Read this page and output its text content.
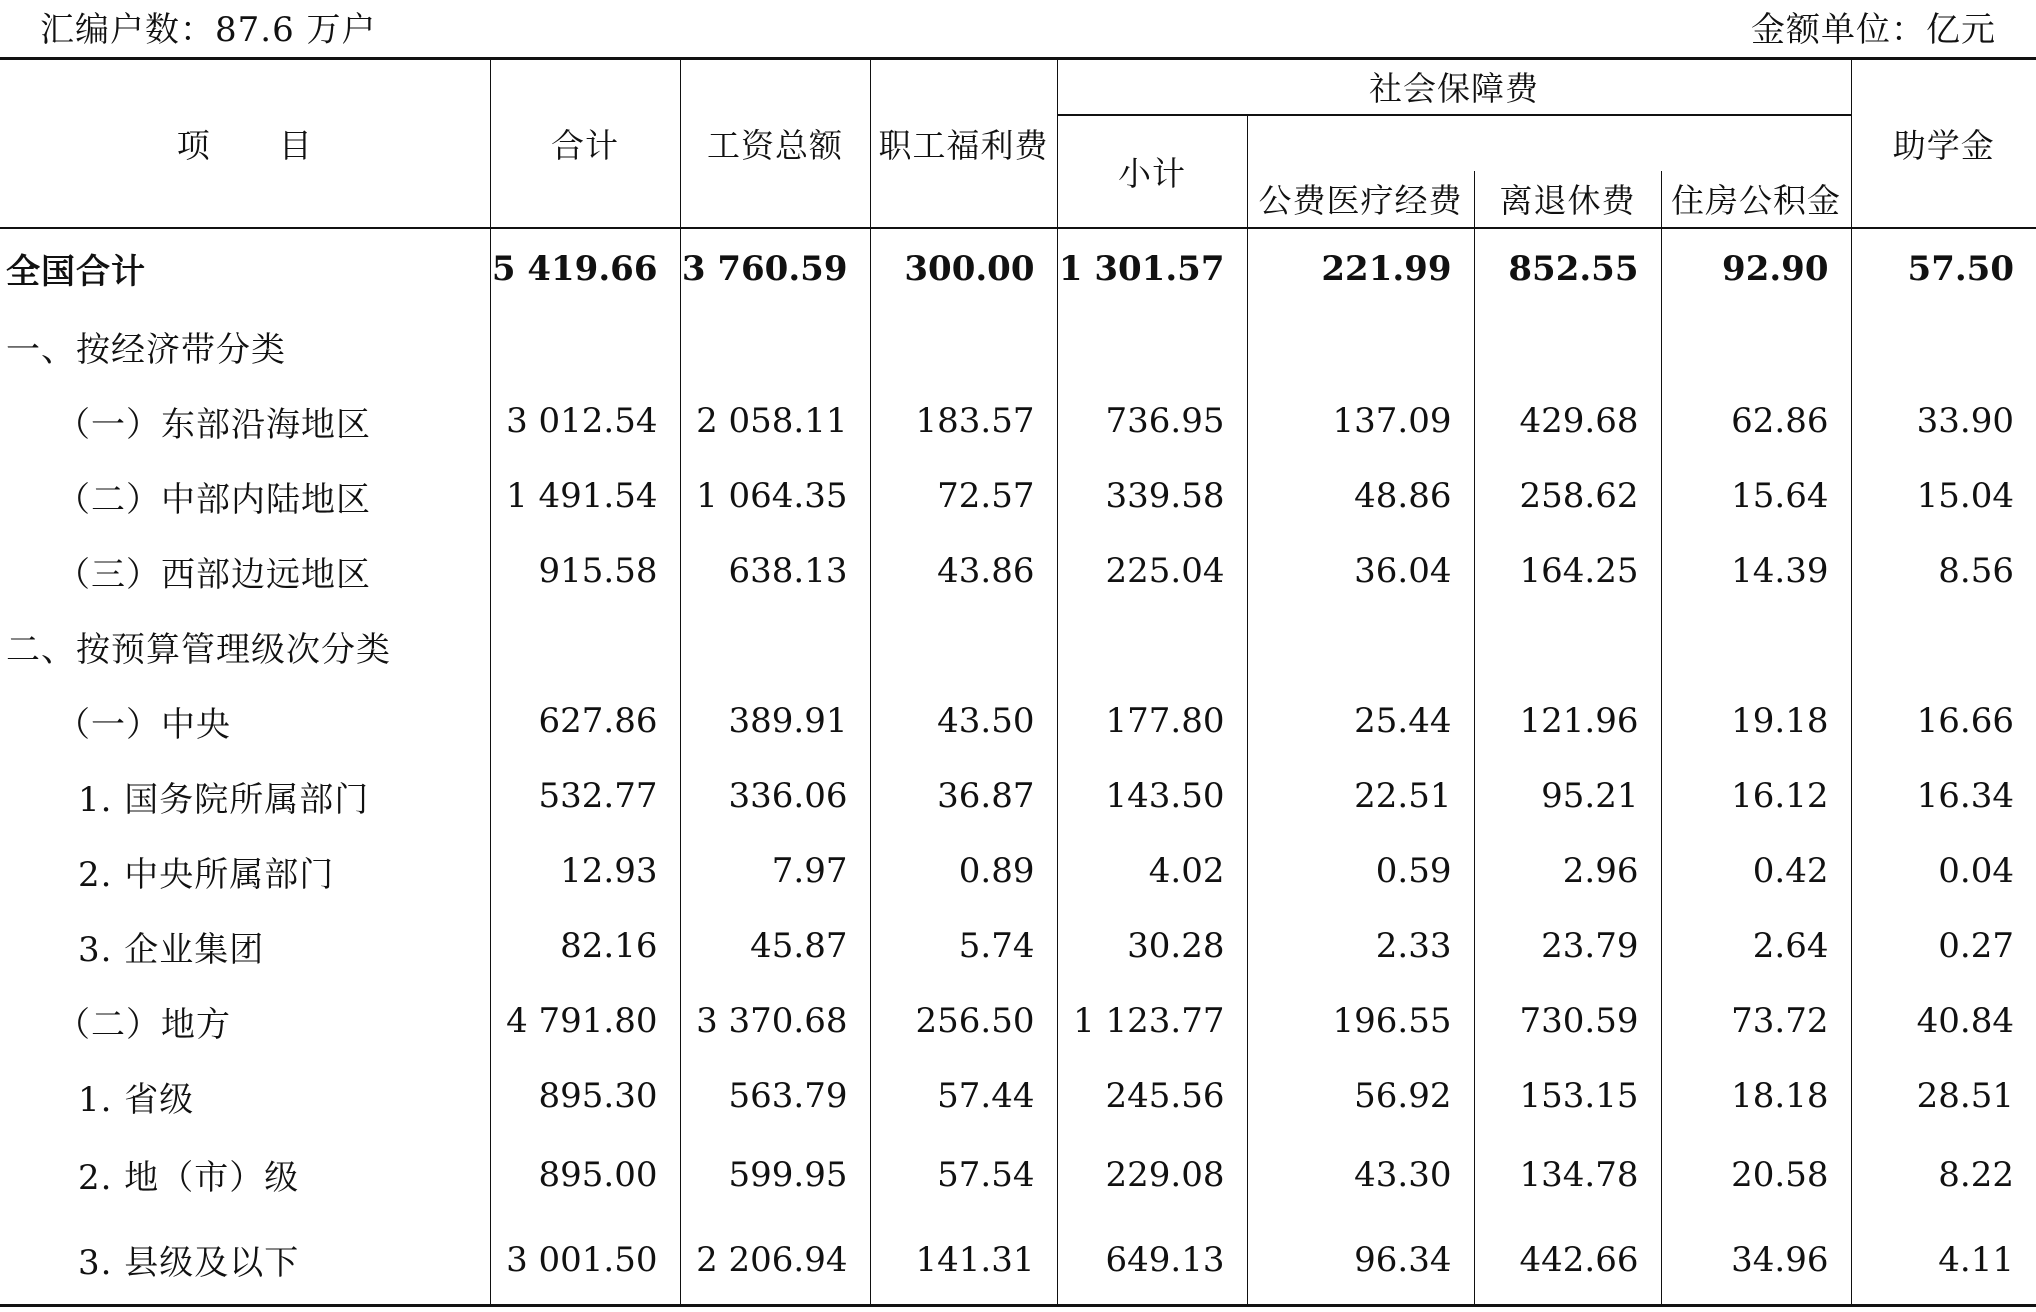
汇编户数：87.6 万户	金额单位：亿元
项　　目	合计	工资总额	职工福利费	社会保障费				助学金
				小计				
					公费医疗经费	离退休费	住房公积金	
全国合计	5 419.66	3 760.59	300.00	1 301.57	221.99	852.55	92.90	57.50
一、按经济带分类								
（一）东部沿海地区	3 012.54	2 058.11	183.57	736.95	137.09	429.68	62.86	33.90
（二）中部内陆地区	1 491.54	1 064.35	72.57	339.58	48.86	258.62	15.64	15.04
（三）西部边远地区	915.58	638.13	43.86	225.04	36.04	164.25	14.39	8.56
二、按预算管理级次分类								
（一）中央	627.86	389.91	43.50	177.80	25.44	121.96	19.18	16.66
1. 国务院所属部门	532.77	336.06	36.87	143.50	22.51	95.21	16.12	16.34
2. 中央所属部门	12.93	7.97	0.89	4.02	0.59	2.96	0.42	0.04
3. 企业集团	82.16	45.87	5.74	30.28	2.33	23.79	2.64	0.27
（二）地方	4 791.80	3 370.68	256.50	1 123.77	196.55	730.59	73.72	40.84
1. 省级	895.30	563.79	57.44	245.56	56.92	153.15	18.18	28.51
2. 地（市）级	895.00	599.95	57.54	229.08	43.30	134.78	20.58	8.22
3. 县级及以下	3 001.50	2 206.94	141.31	649.13	96.34	442.66	34.96	4.11
